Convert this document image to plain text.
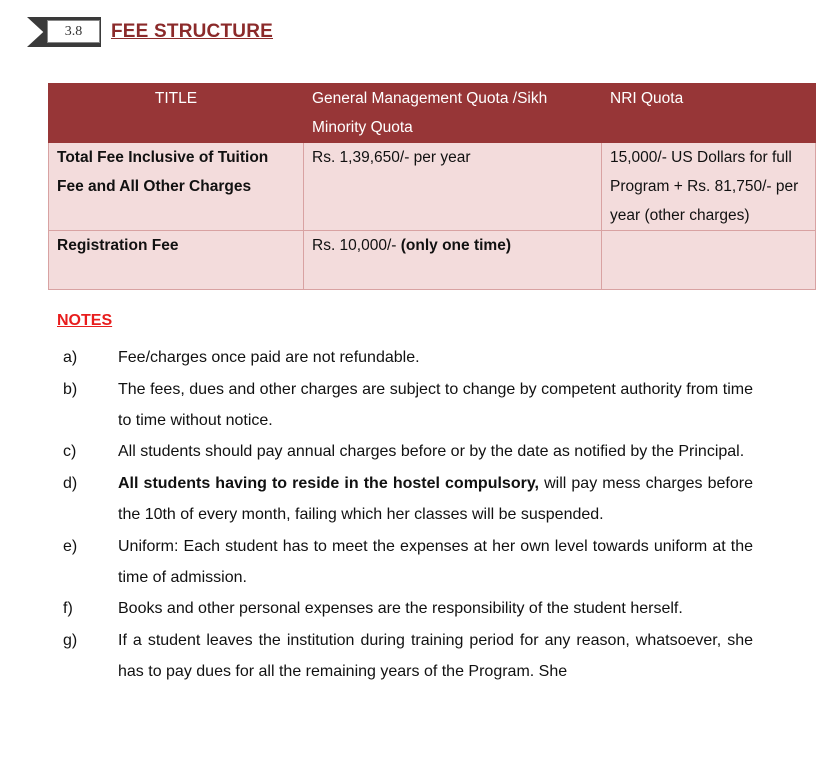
3.8	FEE STRUCTURE
TITLE	General Management Quota /Sikh Minority Quota	NRI Quota
Total Fee Inclusive of Tuition Fee and All Other Charges	Rs. 1,39,650/- per year	15,000/- US Dollars for full Program + Rs. 81,750/- per year (other charges)
Registration Fee	Rs. 10,000/- (only one time)	
NOTES
a)	Fee/charges once paid are not refundable.
b)	The fees, dues and other charges are subject to change by competent authority from time to time without notice.
c)	All students should pay annual charges before or by the date as notified by the Principal.
d)	All students having to reside in the hostel compulsory, will pay mess charges before the 10th of every month, failing which her classes will be suspended.
e)	Uniform: Each student has to meet the expenses at her own level towards uniform at the time of admission.
f)	Books and other personal expenses are the responsibility of the student herself.
g)	If a student leaves the institution during training period for any reason, whatsoever, she has to pay dues for all the remaining years of the Program. She
